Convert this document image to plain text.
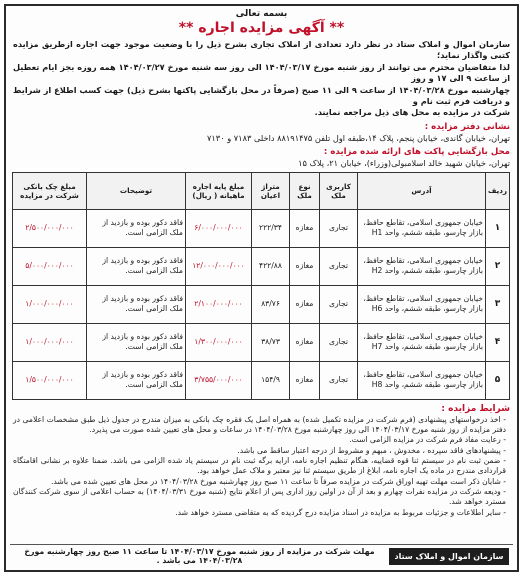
بسمه تعالی
** آگهی مزایده اجاره **
سازمان اموال و املاک ستاد در نظر دارد تعدادی از املاک تجاری بشرح ذیل را با وضعیت موجود جهت اجاره ازطریق مزایده کتبی واگذار نماید؛
لذا متقاضیان محترم می توانند از روز شنبه مورخ ۱۴۰۴/۰۳/۱۷ الی روز سه شنبه مورخ ۱۴۰۴/۰۳/۲۷ همه روزه بجز ایام تعطیل از ساعت ۹ الی ۱۷ و روز
چهارشنبه مورخ ۱۴۰۴/۰۳/۲۸ از ساعت ۹ الی ۱۱ صبح (صرفاً در محل بازگشایی پاکتها بشرح ذیل) جهت کسب اطلاع از شرایط و دریافت فرم ثبت نام و
شرکت در مزایده به محل های ذیل مراجعه نمایند.
نشانی دفتر مزایده :
تهران، خیابان گاندی، خیابان پنجم، پلاک ۱۴،طبقه اول تلفن ۸۸۱۹۱۴۷۵ داخلی ۷۱۸۳ و ۷۱۳۰
محل بازگشایی پاکت های ارائه شده مزایده :
تهران، خیابان شهید خالد اسلامبولی(وزراء)، خیابان ۲۱، پلاک ۱۵
ردیف	آدرس	کاربری ملک	نوع ملک	متراژ اعیان	مبلغ پایه اجاره ماهیانه ( ریال)	توضیحات	مبلغ چک بانکی شرکت در مزایده
۱	خیابان جمهوری اسلامی، تقاطع حافظ، بازار چارسو، طبقه ششم، واحد H1	تجاری	مغازه	۲۲۲/۳۴	۶/۰۰۰/۰۰۰/۰۰۰	فاقد دکور بوده و بازدید از ملک الزامی است.	۲/۵۰۰/۰۰۰/۰۰۰
۲	خیابان جمهوری اسلامی، تقاطع حافظ، بازار چارسو، طبقه ششم، واحد H2	تجاری	مغازه	۴۲۲/۸۸	۱۲/۰۰۰/۰۰۰/۰۰۰	فاقد دکور بوده و بازدید از ملک الزامی است.	۵/۰۰۰/۰۰۰/۰۰۰
۳	خیابان جمهوری اسلامی، تقاطع حافظ، بازار چارسو، طبقه ششم، واحد H6	تجاری	مغازه	۸۳/۷۶	۲/۱۰۰/۰۰۰/۰۰۰	فاقد دکور بوده و بازدید از ملک الزامی است.	۱/۰۰۰/۰۰۰/۰۰۰
۴	خیابان جمهوری اسلامی، تقاطع حافظ، بازار چارسو، طبقه ششم، واحد H7	تجاری	مغازه	۳۸/۷۳	۱/۳۰۰/۰۰۰/۰۰۰	فاقد دکور بوده و بازدید از ملک الزامی است.	۱/۰۰۰/۰۰۰/۰۰۰
۵	خیابان جمهوری اسلامی، تقاطع حافظ، بازار چارسو، طبقه ششم، واحد H8	تجاری	مغازه	۱۵۴/۹	۳/۷۵۵/۰۰۰/۰۰۰	فاقد دکور بوده و بازدید از ملک الزامی است.	۱/۵۰۰/۰۰۰/۰۰۰
شرایط مزایده :
- اخذ درخواستهای پیشنهادی (فرم شرکت در مزایده تکمیل شده) به همراه اصل یک فقره چک بانکی به میزان مندرج در جدول ذیل طبق مشخصات اعلامی در دفتر مزایده از روز شنبه مورخ ۱۴۰۴/۰۳/۱۷ الی روز چهارشنبه مورخ ۱۴۰۴/۰۳/۲۸ در ساعات و محل های تعیین شده صورت می پذیرد.
- رعایت مفاد فرم شرکت در مزایده الزامی است.
- پیشنهادهای فاقد سپرده ، مخدوش ، مبهم و مشروط از درجه اعتبار ساقط می باشد.
- ضمن ثبت نام در سیستم ثنا قوه قضاییه، هنگام تنظیم اجاره نامه، ارایه برگه ثبت نام در سیستم یاد شده الزامی می باشد. ضمنا علاوه بر نشانی اقامتگاه قراردادی مندرج در ماده یک اجاره نامه، ابلاغ از طریق سیستم ثنا نیز معتبر و ملاک عمل خواهد بود.
- شایان ذکر است مهلت تهیه اوراق شرکت در مزایده صرفاً تا ساعت ۱۱ صبح روز چهارشنبه مورخ ۱۴۰۴/۰۳/۲۸ در محل های تعیین شده می باشد.
- ودیعه شرکت در مزایده نفرات چهارم و بعد از آن در اولین روز اداری پس از اعلام نتایج (شنبه مورخ ۱۴۰۴/۰۳/۳۱) به حساب اعلامی از سوی شرکت کنندگان مسترد خواهد شد.
- سایر اطلاعات و جزئیات مربوط به مزایده در اسناد مزایده درج گردیده که به متقاضی مسترد خواهد شد.
سازمان اموال و املاک ستاد
مهلت شرکت در مزایده از روز شنبه مورخ ۱۴۰۴/۰۳/۱۷ تا ساعت ۱۱ صبح روز چهارشنبه مورخ ۱۴۰۴/۰۳/۲۸ می باشد .
